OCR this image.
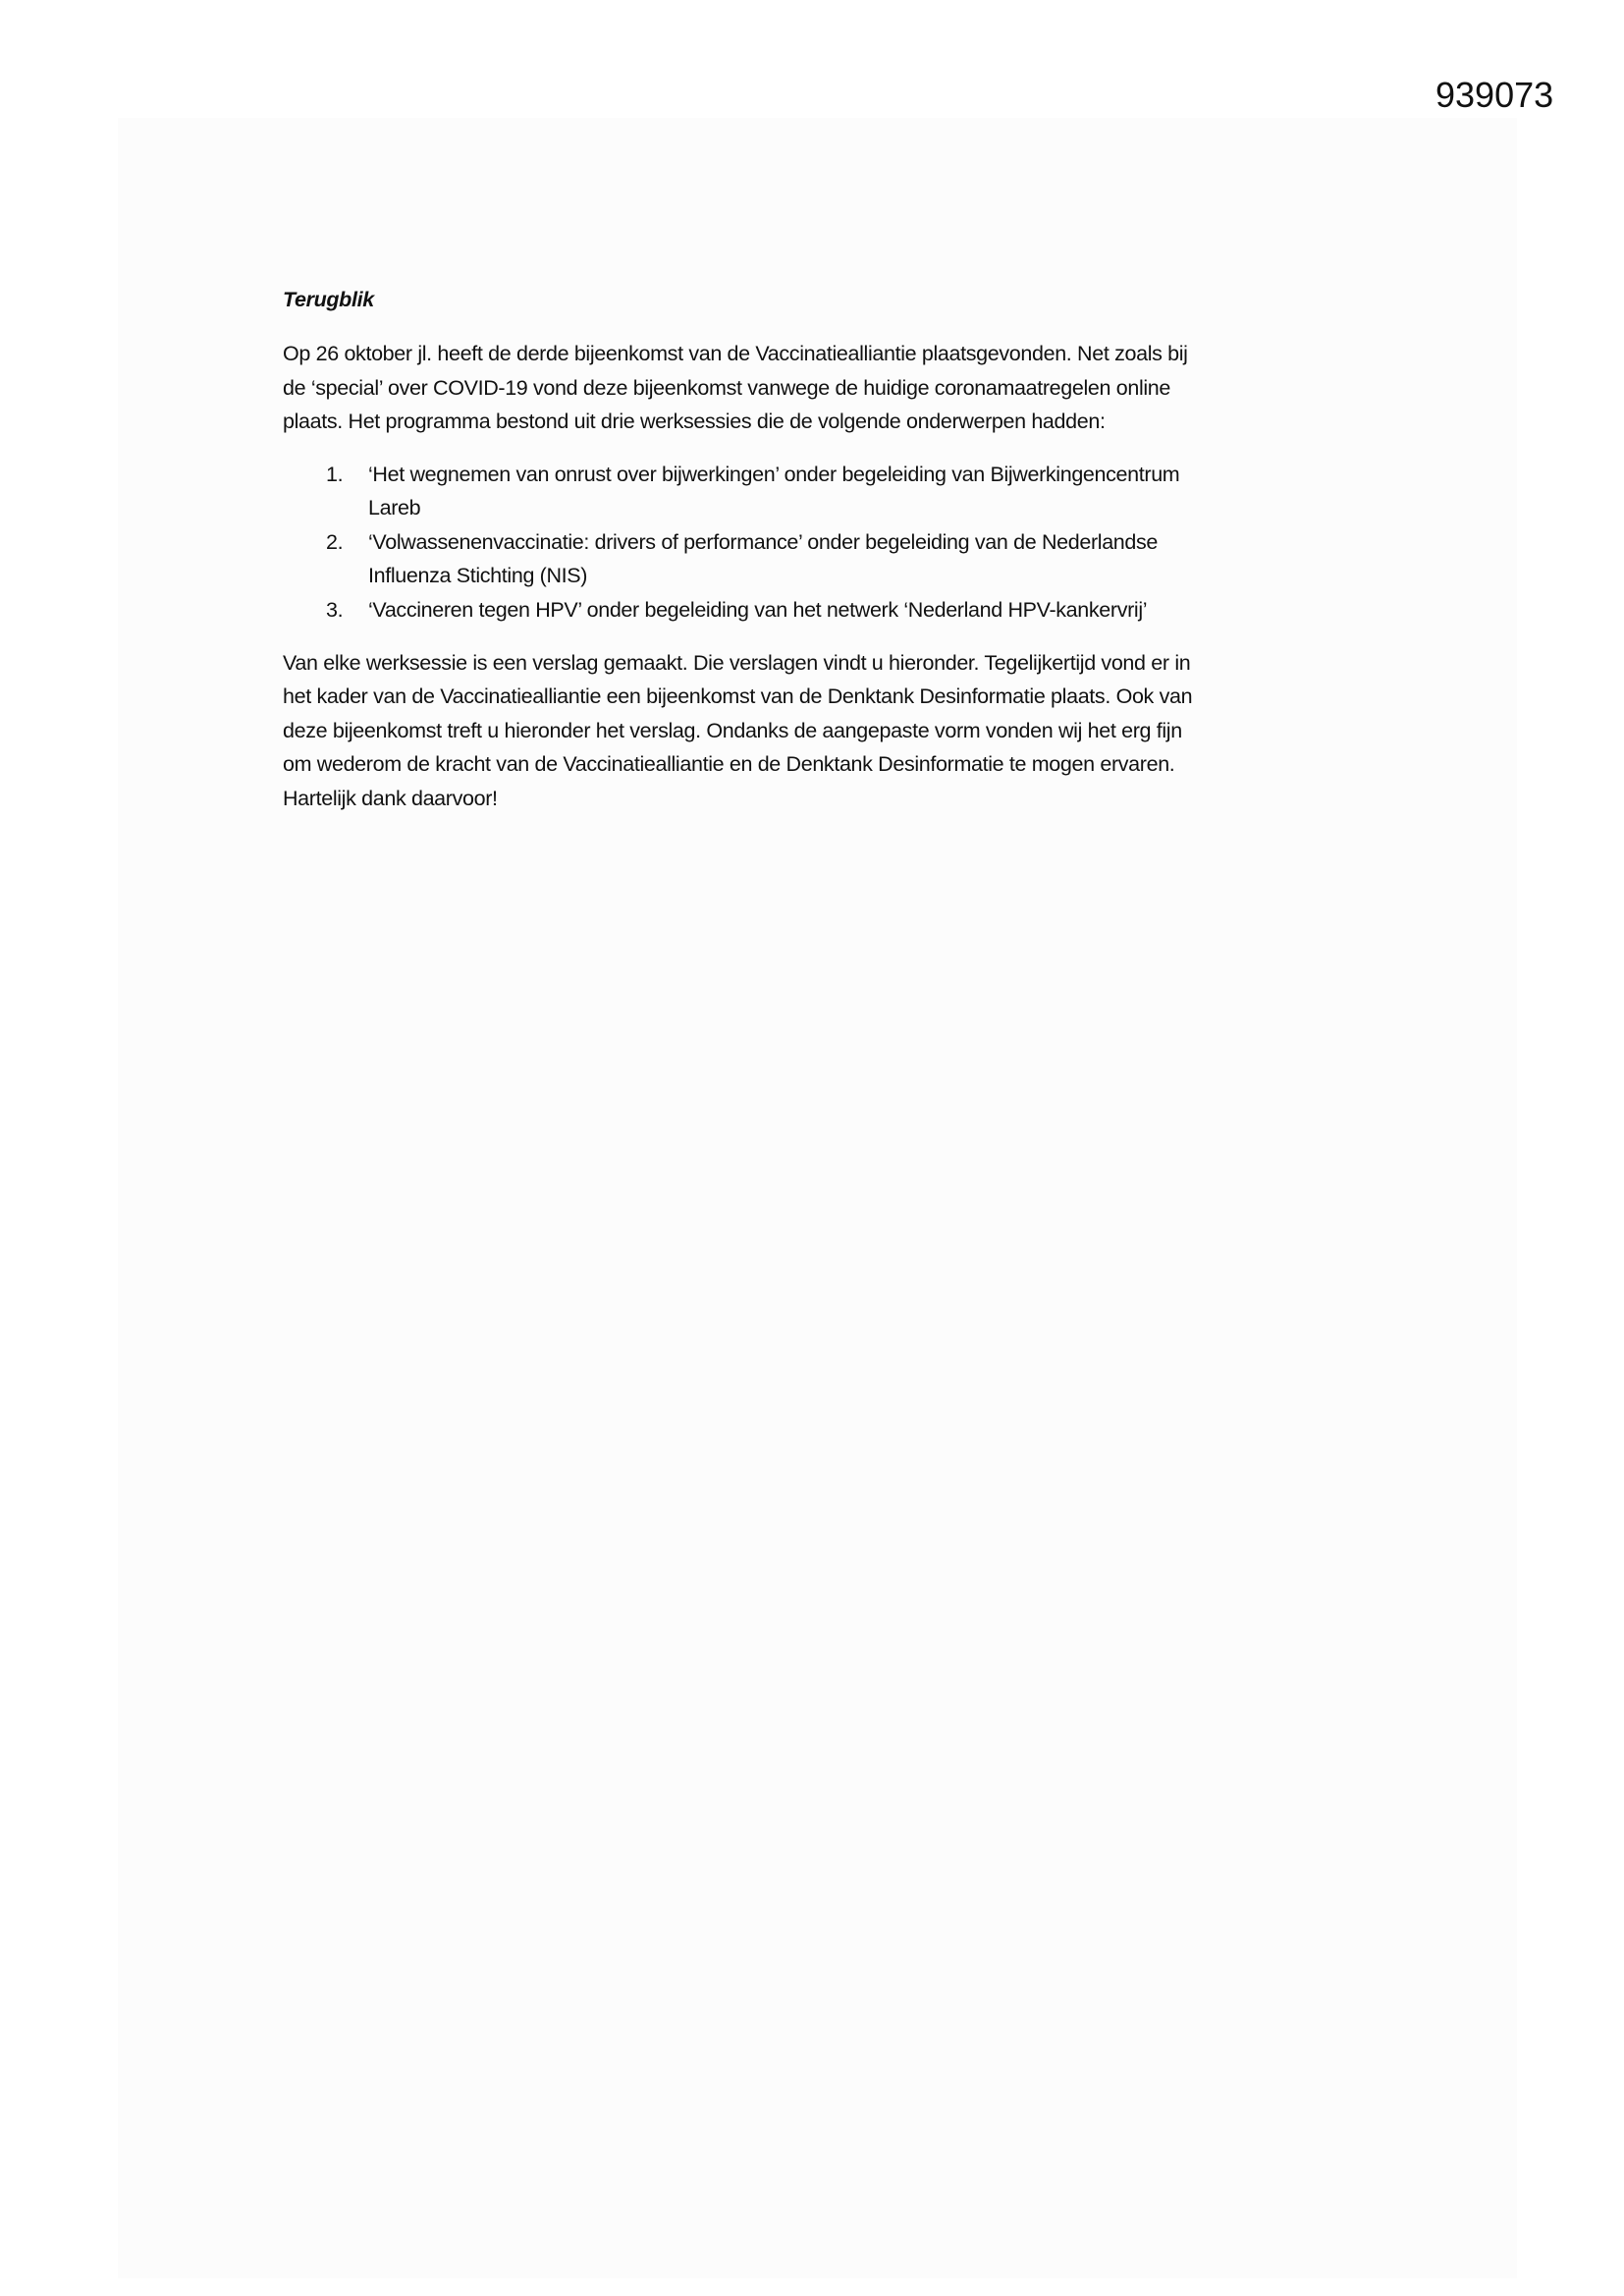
939073
Terugblik
Op 26 oktober jl. heeft de derde bijeenkomst van de Vaccinatiealliantie plaatsgevonden. Net zoals bij
de ‘special’ over COVID-19 vond deze bijeenkomst vanwege de huidige coronamaatregelen online
plaats. Het programma bestond uit drie werksessies die de volgende onderwerpen hadden:
1. ‘Het wegnemen van onrust over bijwerkingen’ onder begeleiding van Bijwerkingencentrum
Lareb
2. ‘Volwassenenvaccinatie: drivers of performance’ onder begeleiding van de Nederlandse
Influenza Stichting (NIS)
3. ‘Vaccineren tegen HPV’ onder begeleiding van het netwerk ‘Nederland HPV-kankervrij’
Van elke werksessie is een verslag gemaakt. Die verslagen vindt u hieronder. Tegelijkertijd vond er in
het kader van de Vaccinatiealliantie een bijeenkomst van de Denktank Desinformatie plaats. Ook van
deze bijeenkomst treft u hieronder het verslag. Ondanks de aangepaste vorm vonden wij het erg fijn
om wederom de kracht van de Vaccinatiealliantie en de Denktank Desinformatie te mogen ervaren.
Hartelijk dank daarvoor!
